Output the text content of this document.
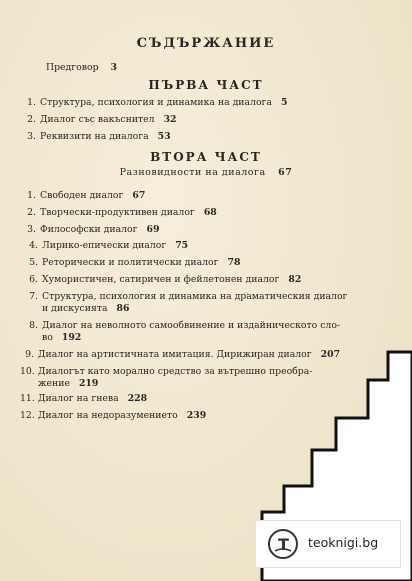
СЪДЪРЖАНИЕ
Предговор 3
ПЪРВА ЧАСТ
1. Структура, психология и динамика на диалога 5
2. Диалог със вакъснител 32
3. Реквизити на диалога 53
ВТОРА ЧАСТ
Разновидности на диалога 67
1. Свободен диалог 67
2. Творчески-продуктивен диалог 68
3. Философски диалог 69
4. Лирико-епически диалог 75
5. Реторически и политически диалог 78
6. Хумористичен, сатиричен и фейлетонен диалог 82
7. Структура, психология и динамика на драматическия диалог
и дискусията 86
8. Диалог на неволното самообвинение и издайническото сло-
во 192
9. Диалог на артистичната имитация. Дирижиран диалог 207
10. Диалогът като морално средство за вътрешно преобра-
жение 219
11. Диалог на гнева 228
12. Диалог на недоразумението 239
T teoknigi.bg
